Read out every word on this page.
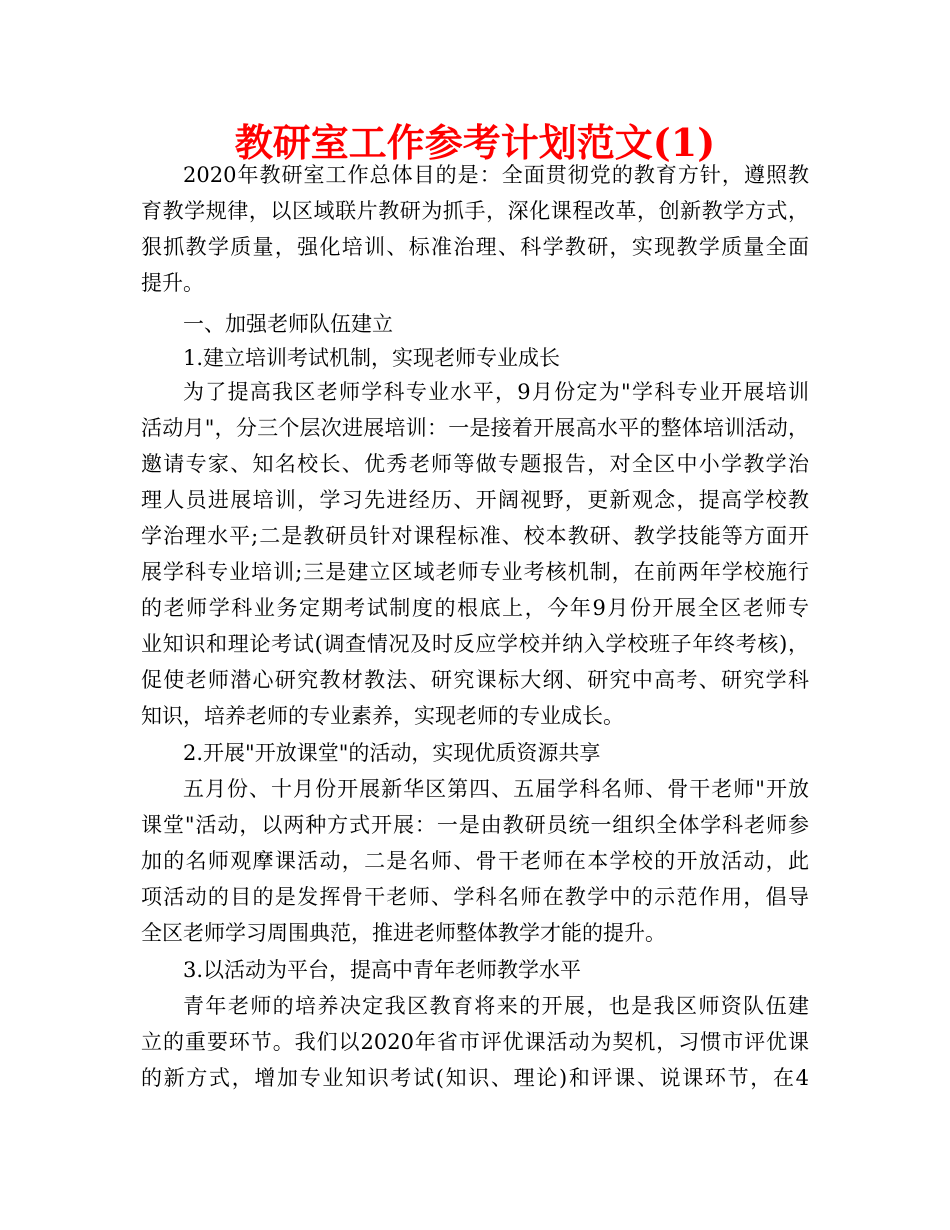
教研室工作参考计划范文(1)
2020年教研室工作总体目的是：全面贯彻党的教育方针，遵照教
育教学规律，以区域联片教研为抓手，深化课程改革，创新教学方式，
狠抓教学质量，强化培训、标准治理、科学教研，实现教学质量全面
提升。
一、加强老师队伍建立
1.建立培训考试机制，实现老师专业成长
为了提高我区老师学科专业水平，9月份定为"学科专业开展培训
活动月"，分三个层次进展培训：一是接着开展高水平的整体培训活动，
邀请专家、知名校长、优秀老师等做专题报告，对全区中小学教学治
理人员进展培训，学习先进经历、开阔视野，更新观念，提高学校教
学治理水平;二是教研员针对课程标准、校本教研、教学技能等方面开
展学科专业培训;三是建立区域老师专业考核机制，在前两年学校施行
的老师学科业务定期考试制度的根底上，今年9月份开展全区老师专
业知识和理论考试(调查情况及时反应学校并纳入学校班子年终考核)，
促使老师潜心研究教材教法、研究课标大纲、研究中高考、研究学科
知识，培养老师的专业素养，实现老师的专业成长。
2.开展"开放课堂"的活动，实现优质资源共享
五月份、十月份开展新华区第四、五届学科名师、骨干老师"开放
课堂"活动，以两种方式开展：一是由教研员统一组织全体学科老师参
加的名师观摩课活动，二是名师、骨干老师在本学校的开放活动，此
项活动的目的是发挥骨干老师、学科名师在教学中的示范作用，倡导
全区老师学习周围典范，推进老师整体教学才能的提升。
3.以活动为平台，提高中青年老师教学水平
青年老师的培养决定我区教育将来的开展，也是我区师资队伍建
立的重要环节。我们以2020年省市评优课活动为契机，习惯市评优课
的新方式，增加专业知识考试(知识、理论)和评课、说课环节，在4
